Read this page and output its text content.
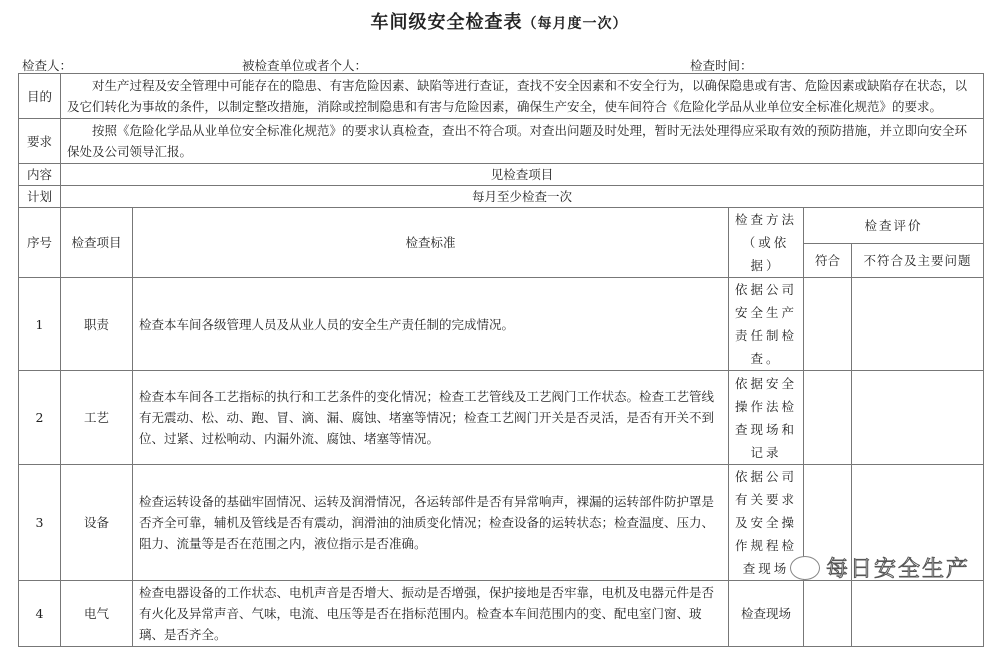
车间级安全检查表（每月度一次）
检查人：	被检查单位或者个人：	检查时间：
目的	对生产过程及安全管理中可能存在的隐患、有害危险因素、缺陷等进行查证，查找不安全因素和不安全行为，以确保隐患或有害、危险因素或缺陷存在状态，以及它们转化为事故的条件，以制定整改措施，消除或控制隐患和有害与危险因素，确保生产安全，使车间符合《危险化学品从业单位安全标准化规范》的要求。				
要求	按照《危险化学品从业单位安全标准化规范》的要求认真检查，查出不符合项。对查出问题及时处理，暂时无法处理得应采取有效的预防措施，并立即向安全环保处及公司领导汇报。				
内容	见检查项目				
计划	每月至少检查一次				
序号	检查项目	检查标准	检查方法（或依据）	检查评价	
				符合	不符合及主要问题
1	职责	检查本车间各级管理人员及从业人员的安全生产责任制的完成情况。	依据公司安全生产责任制检查。		
2	工艺	检查本车间各工艺指标的执行和工艺条件的变化情况；检查工艺管线及工艺阀门工作状态。检查工艺管线有无震动、松、动、跑、冒、滴、漏、腐蚀、堵塞等情况；检查工艺阀门开关是否灵活，是否有开关不到位、过紧、过松响动、内漏外流、腐蚀、堵塞等情况。	依据安全操作法检查现场和记录		
3	设备	检查运转设备的基础牢固情况、运转及润滑情况，各运转部件是否有异常响声，裸漏的运转部件防护罩是否齐全可靠，辅机及管线是否有震动，润滑油的油质变化情况；检查设备的运转状态；检查温度、压力、阻力、流量等是否在范围之内，液位指示是否准确。	依据公司有关要求及安全操作规程检查现场		
4	电气	检查电器设备的工作状态、电机声音是否增大、振动是否增强，保护接地是否牢靠，电机及电器元件是否有火化及异常声音、气味，电流、电压等是否在指标范围内。检查本车间范围内的变、配电室门窗、玻璃、是否齐全。	检查现场		
每日安全生产
